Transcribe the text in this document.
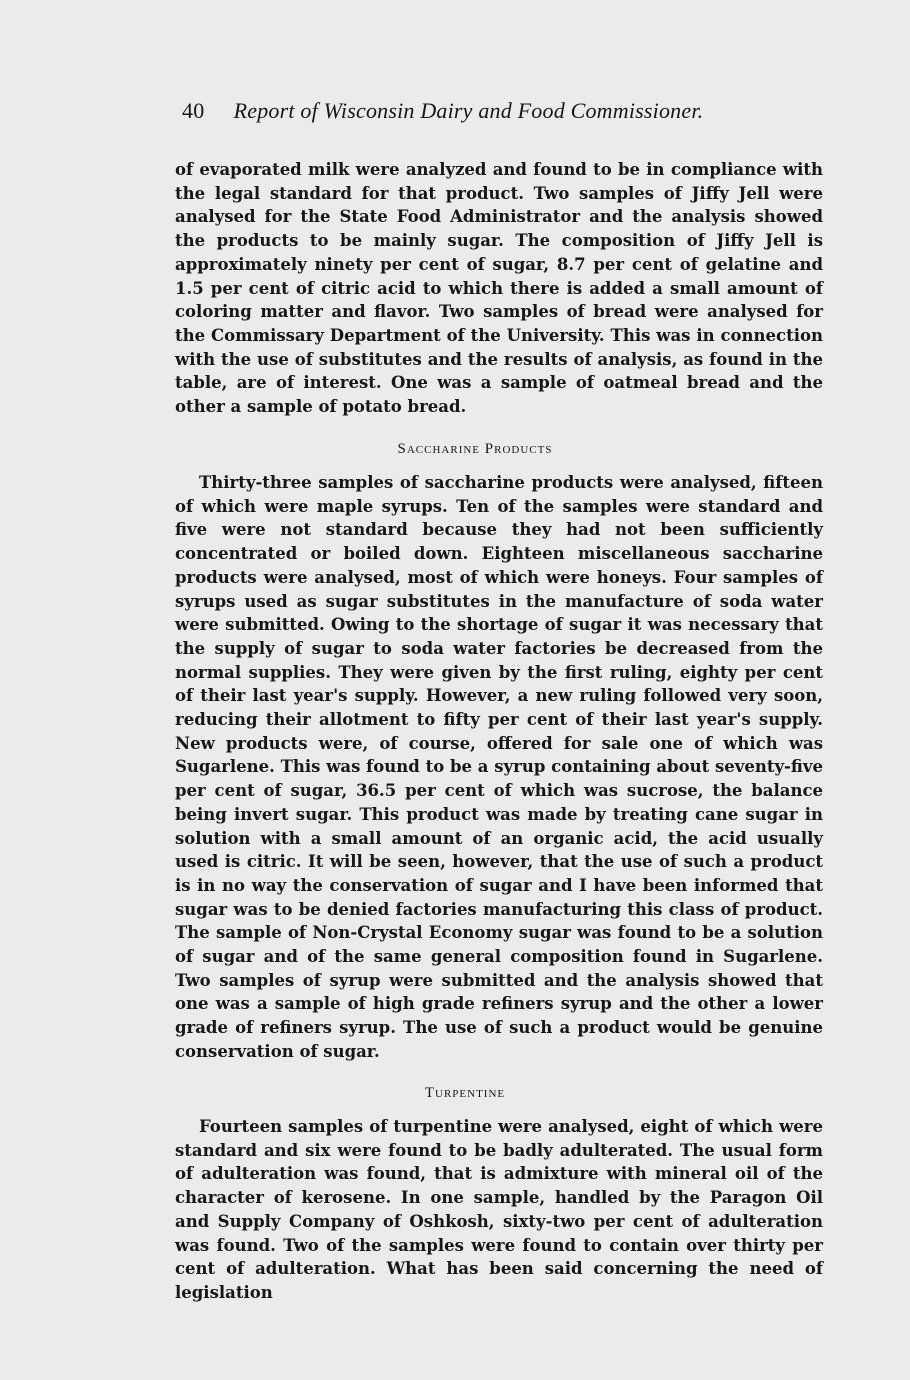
40 Report of Wisconsin Dairy and Food Commissioner.

of evaporated milk were analyzed and found to be in compliance with the legal standard for that product. Two samples of Jiffy Jell were analysed for the State Food Administrator and the analysis showed the products to be mainly sugar. The composition of Jiffy Jell is approximately ninety per cent of sugar, 8.7 per cent of gelatine and 1.5 per cent of citric acid to which there is added a small amount of coloring matter and flavor. Two samples of bread were analysed for the Commissary Department of the University. This was in connection with the use of substitutes and the results of analysis, as found in the table, are of interest. One was a sample of oatmeal bread and the other a sample of potato bread.

Saccharine Products

Thirty-three samples of saccharine products were analysed, fifteen of which were maple syrups. Ten of the samples were standard and five were not standard because they had not been sufficiently concentrated or boiled down. Eighteen miscellaneous saccharine products were analysed, most of which were honeys. Four samples of syrups used as sugar substitutes in the manufacture of soda water were submitted. Owing to the shortage of sugar it was necessary that the supply of sugar to soda water factories be decreased from the normal supplies. They were given by the first ruling, eighty per cent of their last year's supply. However, a new ruling followed very soon, reducing their allotment to fifty per cent of their last year's supply. New products were, of course, offered for sale one of which was Sugarlene. This was found to be a syrup containing about seventy-five per cent of sugar, 36.5 per cent of which was sucrose, the balance being invert sugar. This product was made by treating cane sugar in solution with a small amount of an organic acid, the acid usually used is citric. It will be seen, however, that the use of such a product is in no way the conservation of sugar and I have been informed that sugar was to be denied factories manufacturing this class of product. The sample of Non-Crystal Economy sugar was found to be a solution of sugar and of the same general composition found in Sugarlene. Two samples of syrup were submitted and the analysis showed that one was a sample of high grade refiners syrup and the other a lower grade of refiners syrup. The use of such a product would be genuine conservation of sugar.

Turpentine

Fourteen samples of turpentine were analysed, eight of which were standard and six were found to be badly adulterated. The usual form of adulteration was found, that is admixture with mineral oil of the character of kerosene. In one sample, handled by the Paragon Oil and Supply Company of Oshkosh, sixty-two per cent of adulteration was found. Two of the samples were found to contain over thirty per cent of adulteration. What has been said concerning the need of legislation
